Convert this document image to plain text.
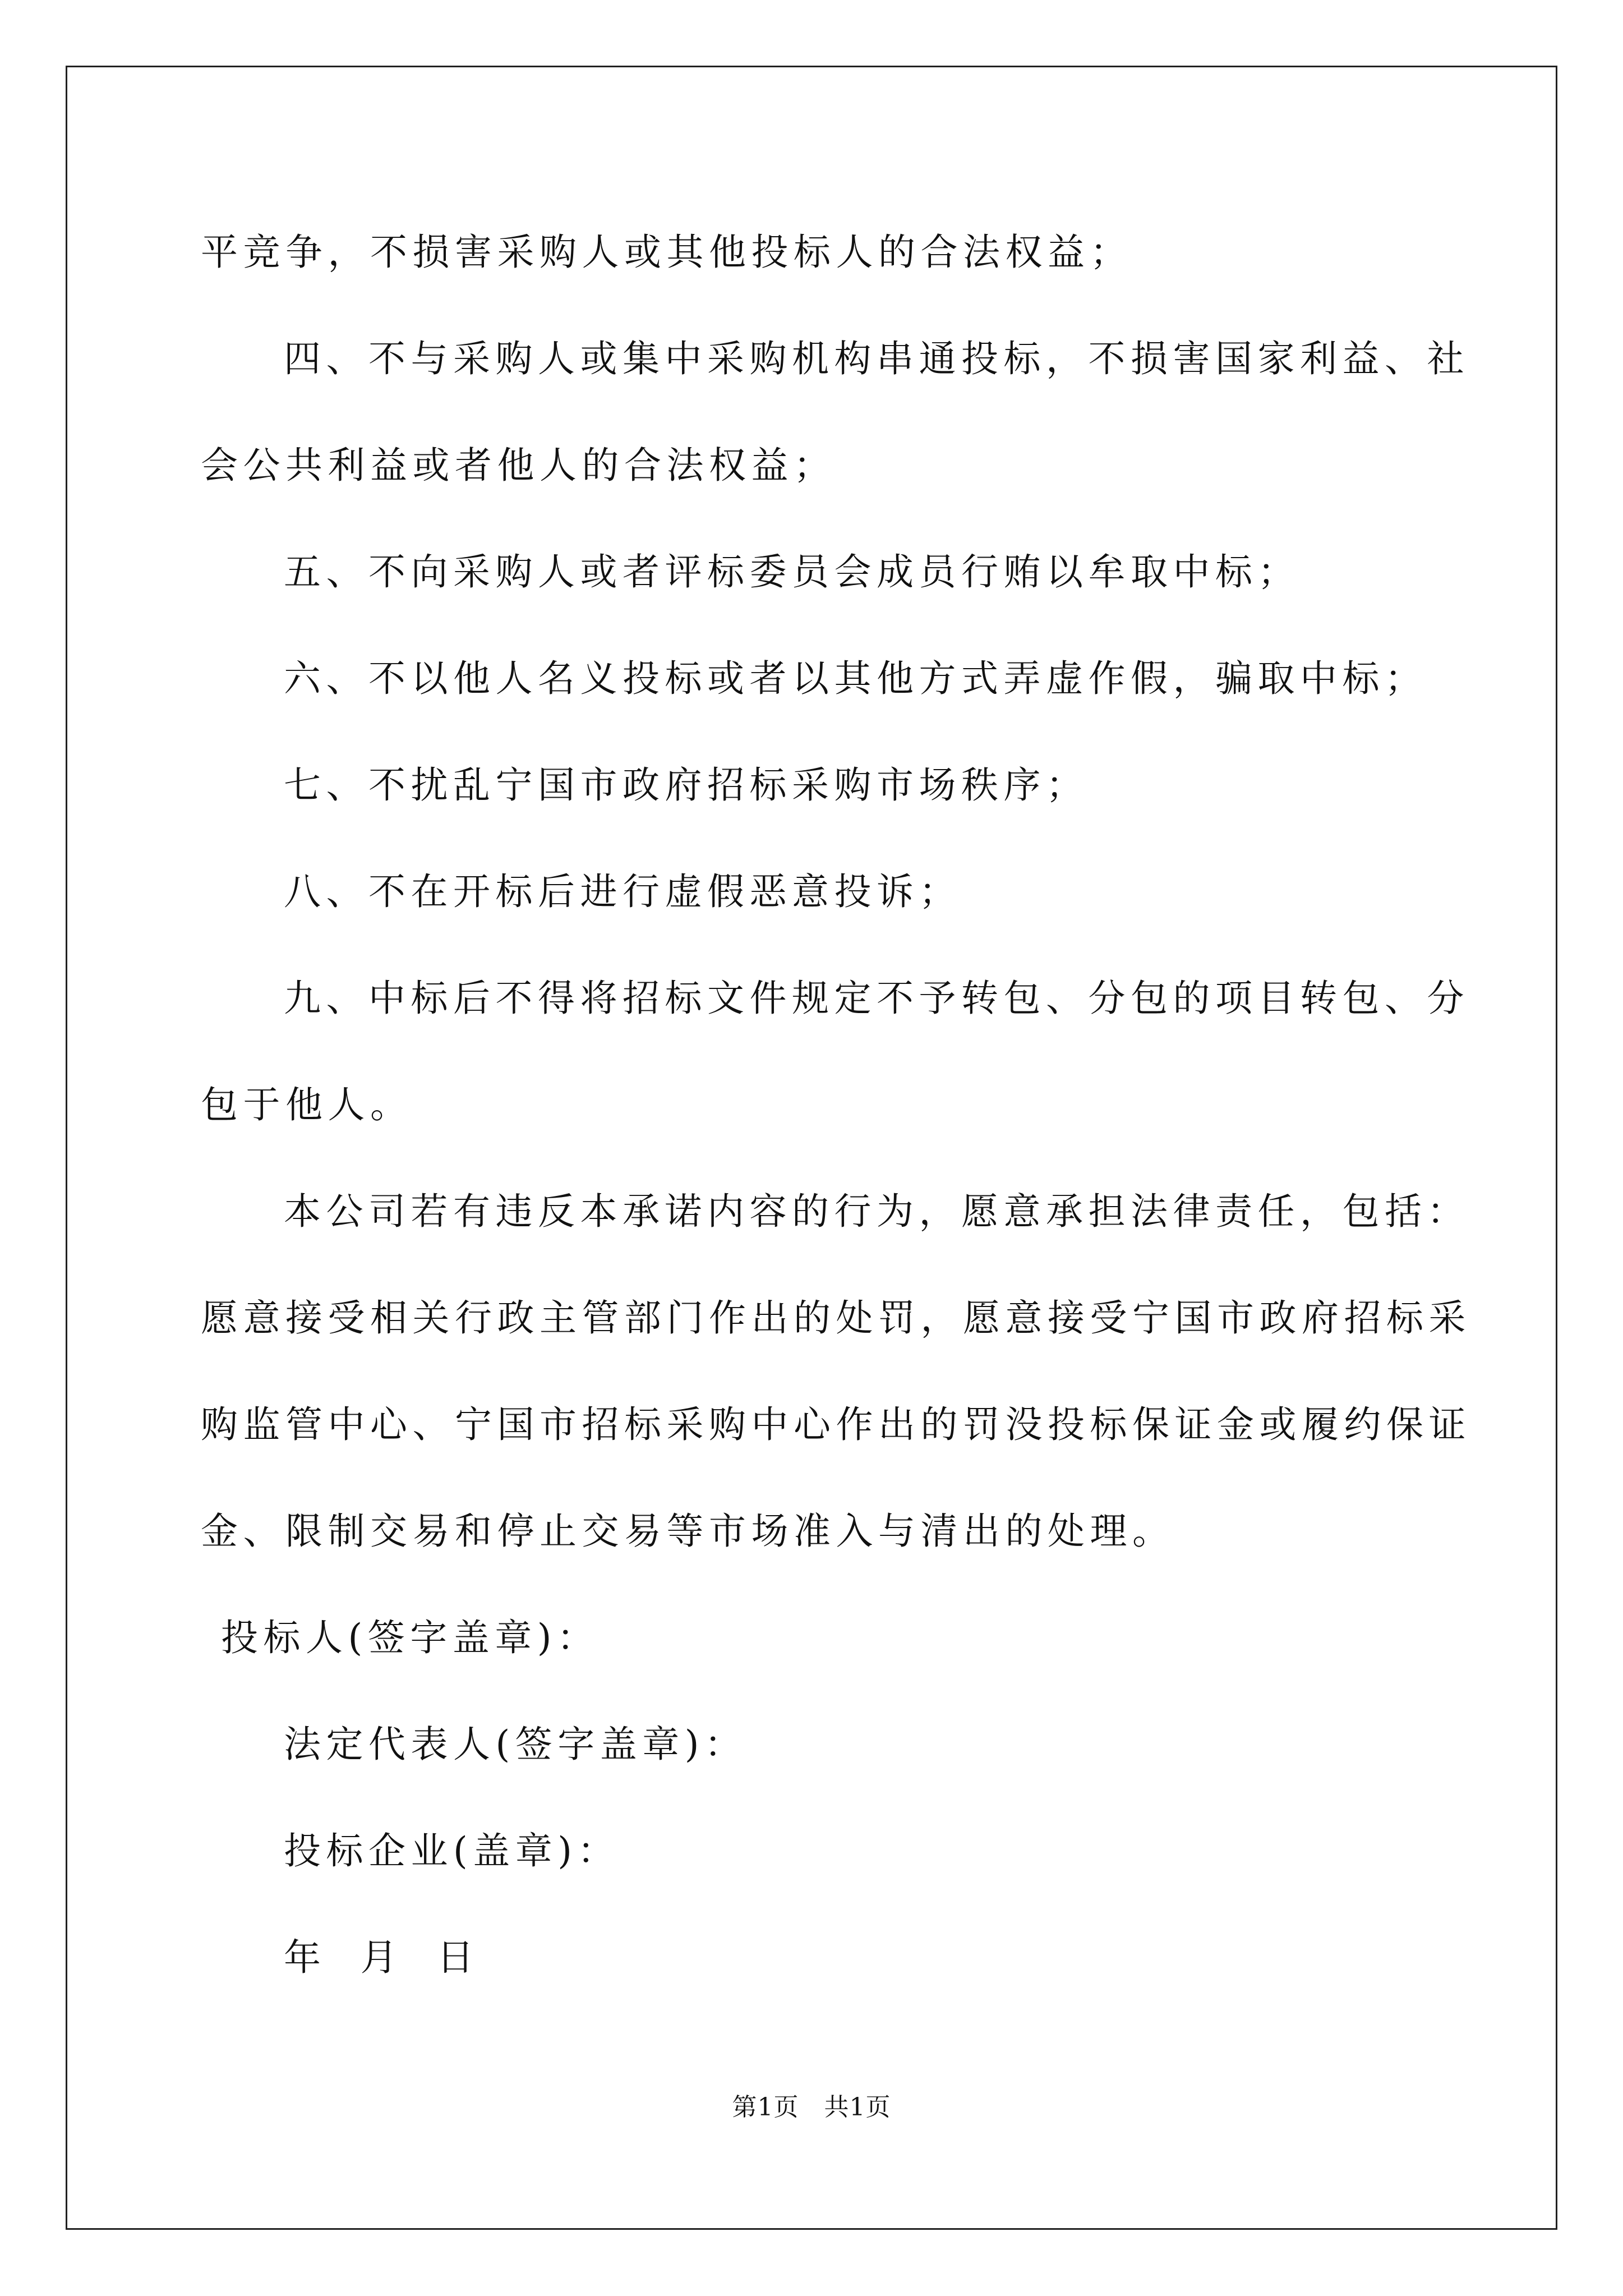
平竞争，不损害采购人或其他投标人的合法权益；
四、不与采购人或集中采购机构串通投标，不损害国家利益、社
会公共利益或者他人的合法权益；
五、不向采购人或者评标委员会成员行贿以牟取中标；
六、不以他人名义投标或者以其他方式弄虚作假，骗取中标；
七、不扰乱宁国市政府招标采购市场秩序；
八、不在开标后进行虚假恶意投诉；
九、中标后不得将招标文件规定不予转包、分包的项目转包、分
包于他人。
本公司若有违反本承诺内容的行为，愿意承担法律责任，包括：
愿意接受相关行政主管部门作出的处罚，愿意接受宁国市政府招标采
购监管中心、宁国市招标采购中心作出的罚没投标保证金或履约保证
金、限制交易和停止交易等市场准入与清出的处理。
投标人(签字盖章)：
法定代表人(签字盖章)：
投标企业(盖章)：
年  月  日
第1页   共1页
